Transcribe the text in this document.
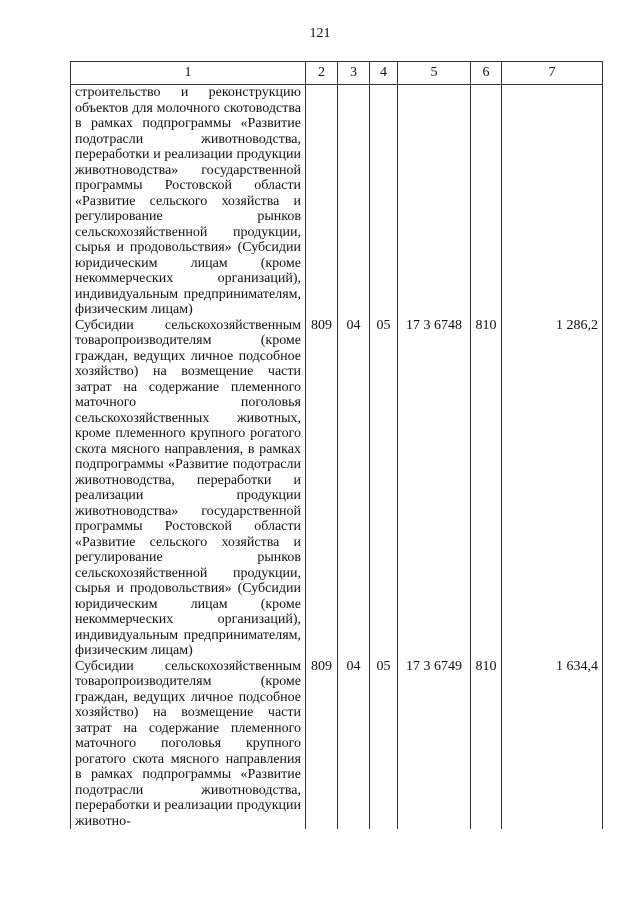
121
1	2	3	4	5	6	7
строительство и реконструкцию объектов для молочного скотоводства в рамках подпрограммы «Развитие подотрасли животноводства, переработки и реализации продукции животноводства» государственной программы Ростовской области «Развитие сельского хозяйства и регулирование рынков сельскохозяйственной продукции, сырья и продовольствия» (Субсидии юридическим лицам (кроме некоммерческих организаций), индивидуальным предпринимателям, физическим лицам)						
Субсидии сельскохозяйственным товаропроизводителям (кроме граждан, ведущих личное подсобное хозяйство) на возмещение части затрат на содержание племенного маточного поголовья сельскохозяйственных животных, кроме племенного крупного рогатого скота мясного направления, в рамках подпрограммы «Развитие подотрасли животноводства, переработки и реализации продукции животноводства» государственной программы Ростовской области «Развитие сельского хозяйства и регулирование рынков сельскохозяйственной продукции, сырья и продовольствия» (Субсидии юридическим лицам (кроме некоммерческих организаций), индивидуальным предпринимателям, физическим лицам)	809	04	05	17 3 6748	810	1 286,2
Субсидии сельскохозяйственным товаропроизводителям (кроме граждан, ведущих личное подсобное хозяйство) на возмещение части затрат на содержание племенного маточного поголовья крупного рогатого скота мясного направления в рамках подпрограммы «Развитие подотрасли животноводства, переработки и реализации продукции животно-	809	04	05	17 3 6749	810	1 634,4
